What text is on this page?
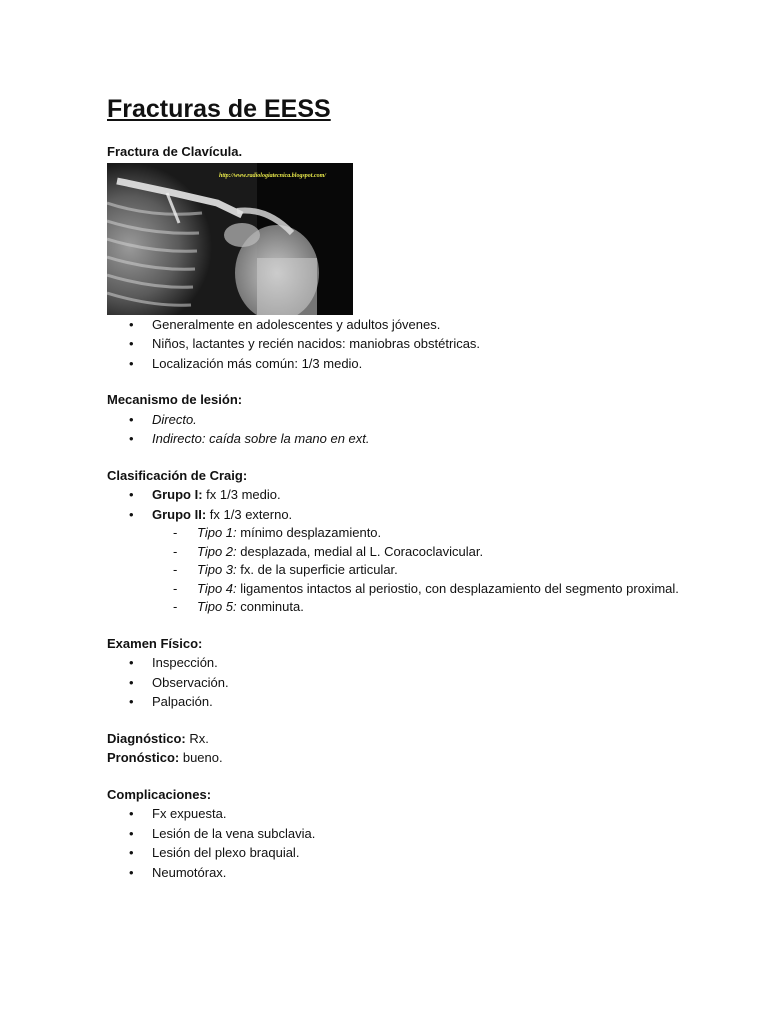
Fracturas de EESS

Fractura de Clavícula.

http://www.radiologiatecnica.blogspot.com/
• Generalmente en adolescentes y adultos jóvenes.
• Niños, lactantes y recién nacidos: maniobras obstétricas.
• Localización más común: 1/3 medio.

Mecanismo de lesión:

• Directo.
• Indirecto: caída sobre la mano en ext.

Clasificación de Craig:

• Grupo I: fx 1/3 medio.
• Grupo II: fx 1/3 externo.
- Tipo 1: mínimo desplazamiento.
- Tipo 2: desplazada, medial al L. Coracoclavicular.
- Tipo 3: fx. de la superficie articular.
- Tipo 4: ligamentos intactos al periostio, con desplazamiento del segmento proximal.
- Tipo 5: conminuta.

Examen Físico:

• Inspección.
• Observación.
• Palpación.

Diagnóstico: Rx.

Pronóstico: bueno.

Complicaciones:

• Fx expuesta.
• Lesión de la vena subclavia.
• Lesión del plexo braquial.
• Neumotórax.
